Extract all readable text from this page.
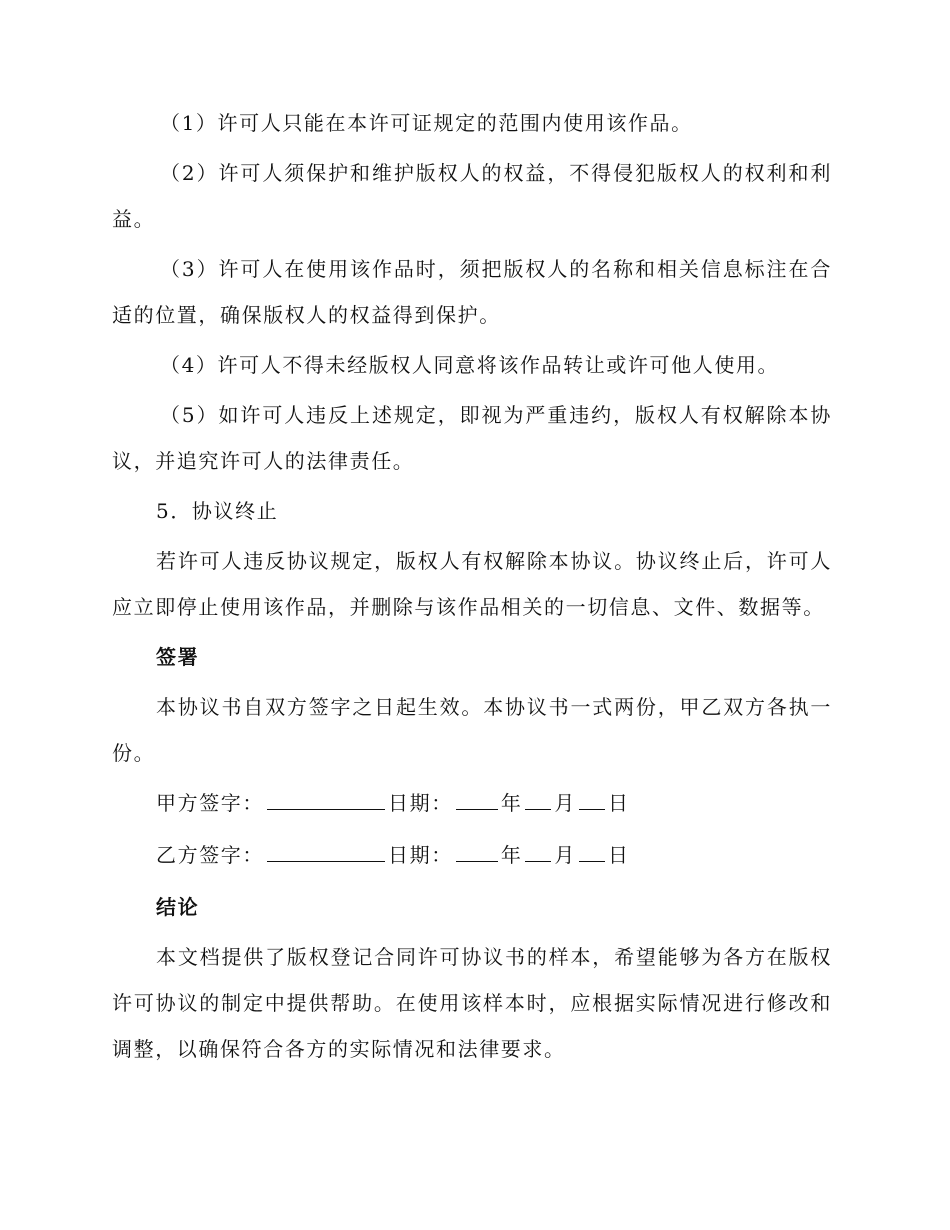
（1）许可人只能在本许可证规定的范围内使用该作品。

（2）许可人须保护和维护版权人的权益，不得侵犯版权人的权利和利益。

（3）许可人在使用该作品时，须把版权人的名称和相关信息标注在合适的位置，确保版权人的权益得到保护。

（4）许可人不得未经版权人同意将该作品转让或许可他人使用。

（5）如许可人违反上述规定，即视为严重违约，版权人有权解除本协议，并追究许可人的法律责任。

5．协议终止

若许可人违反协议规定，版权人有权解除本协议。协议终止后，许可人应立即停止使用该作品，并删除与该作品相关的一切信息、文件、数据等。

签署

本协议书自双方签字之日起生效。本协议书一式两份，甲乙双方各执一份。

甲方签字：	日期： 年 月 日
乙方签字：	日期： 年 月 日
结论

本文档提供了版权登记合同许可协议书的样本，希望能够为各方在版权许可协议的制定中提供帮助。在使用该样本时，应根据实际情况进行修改和调整，以确保符合各方的实际情况和法律要求。
